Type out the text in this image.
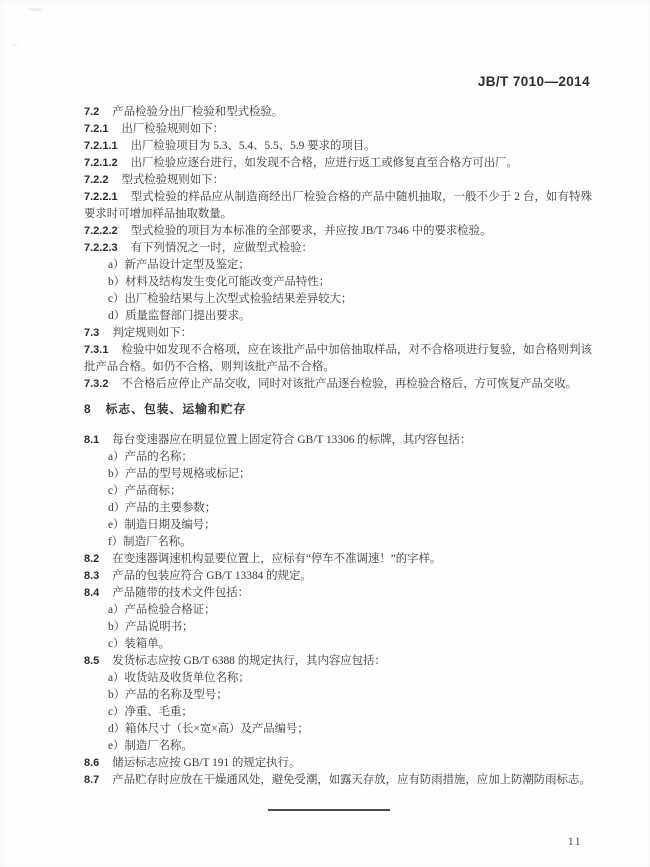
JB/T 7010—2014
7.2 产品检验分出厂检验和型式检验。
7.2.1 出厂检验规则如下：
7.2.1.1 出厂检验项目为 5.3、5.4、5.5、5.9 要求的项目。
7.2.1.2 出厂检验应逐台进行，如发现不合格，应进行返工或修复直至合格方可出厂。
7.2.2 型式检验规则如下：
7.2.2.1 型式检验的样品应从制造商经出厂检验合格的产品中随机抽取，一般不少于 2 台，如有特殊
要求时可增加样品抽取数量。
7.2.2.2 型式检验的项目为本标准的全部要求，并应按 JB/T 7346 中的要求检验。
7.2.2.3 有下列情况之一时，应做型式检验：
a）新产品设计定型及鉴定；
b）材料及结构发生变化可能改变产品特性；
c）出厂检验结果与上次型式检验结果差异较大；
d）质量监督部门提出要求。
7.3 判定规则如下：
7.3.1 检验中如发现不合格项，应在该批产品中加倍抽取样品，对不合格项进行复验，如合格则判该
批产品合格。如仍不合格，则判该批产品不合格。
7.3.2 不合格后应停止产品交收，同时对该批产品逐台检验，再检验合格后，方可恢复产品交收。
8 标志、包装、运输和贮存
8.1 每台变速器应在明显位置上固定符合 GB/T 13306 的标牌，其内容包括：
a）产品的名称；
b）产品的型号规格或标记；
c）产品商标；
d）产品的主要参数；
e）制造日期及编号；
f）制造厂名称。
8.2 在变速器调速机构显要位置上，应标有“停车不准调速！”的字样。
8.3 产品的包装应符合 GB/T 13384 的规定。
8.4 产品随带的技术文件包括：
a）产品检验合格证；
b）产品说明书；
c）装箱单。
8.5 发货标志应按 GB/T 6388 的规定执行，其内容应包括：
a）收货站及收货单位名称；
b）产品的名称及型号；
c）净重、毛重；
d）箱体尺寸（长×宽×高）及产品编号；
e）制造厂名称。
8.6 储运标志应按 GB/T 191 的规定执行。
8.7 产品贮存时应放在干燥通风处，避免受潮，如露天存放，应有防雨措施，应加上防潮防雨标志。
11
